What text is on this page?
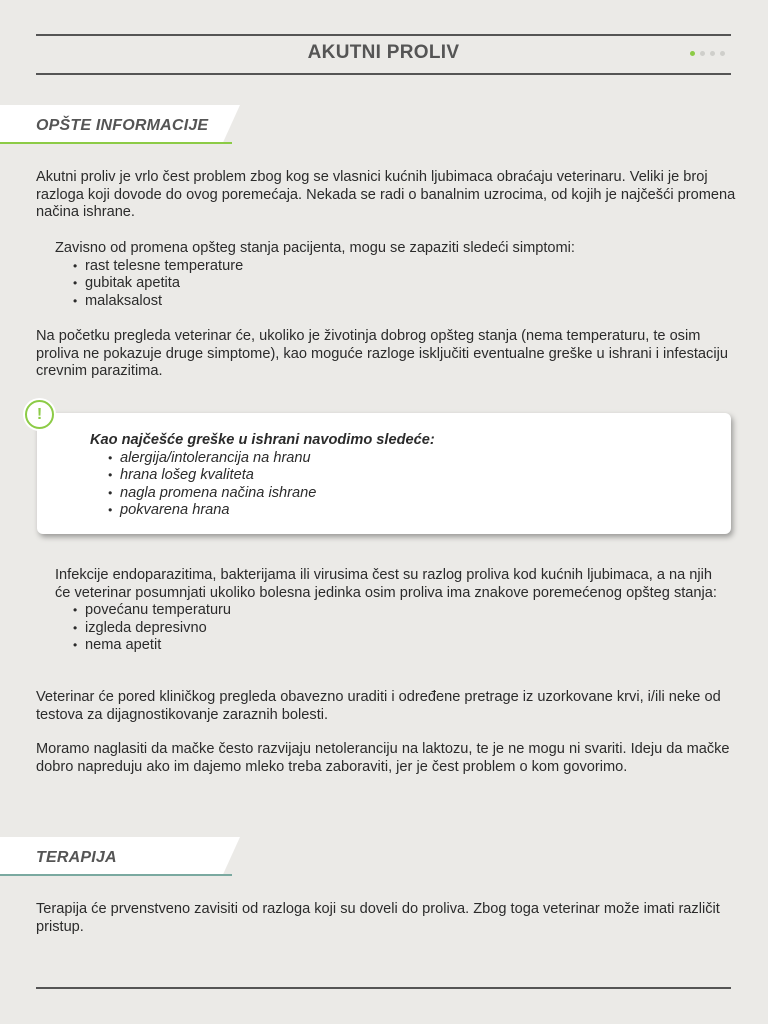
AKUTNI PROLIV
OPŠTE INFORMACIJE

Akutni proliv je vrlo čest problem zbog kog se vlasnici kućnih ljubimaca obraćaju veterinaru. Veliki je broj razloga koji dovode do ovog poremećaja. Nekada se radi o banalnim uzrocima, od kojih je najčešći promena načina ishrane.

Zavisno od promena opšteg stanja pacijenta, mogu se zapaziti sledeći simptomi:

• rast telesne temperature
• gubitak apetita
• malaksalost

Na početku pregleda veterinar će, ukoliko je životinja dobrog opšteg stanja (nema temperaturu, te osim proliva ne pokazuje druge simptome), kao moguće razloge isključiti eventualne greške u ishrani i infestaciju crevnim parazitima.

!
Kao najčešće greške u ishrani navodimo sledeće:
• alergija/intolerancija na hranu
• hrana lošeg kvaliteta
• nagla promena načina ishrane
• pokvarena hrana

Infekcije endoparazitima, bakterijama ili virusima čest su razlog proliva kod kućnih ljubimaca, a na njih će veterinar posumnjati ukoliko bolesna jedinka osim proliva ima znakove poremećenog opšteg stanja:

• povećanu temperaturu
• izgleda depresivno
• nema apetit

Veterinar će pored kliničkog pregleda obavezno uraditi i određene pretrage iz uzorkovane krvi, i/ili neke od testova za dijagnostikovanje zaraznih bolesti.

Moramo naglasiti da mačke često razvijaju netoleranciju na laktozu, te je ne mogu ni svariti. Ideju da mačke dobro napreduju ako im dajemo mleko treba zaboraviti, jer je čest problem o kom govorimo.

TERAPIJA

Terapija će prvenstveno zavisiti od razloga koji su doveli do proliva. Zbog toga veterinar može imati različit pristup.
